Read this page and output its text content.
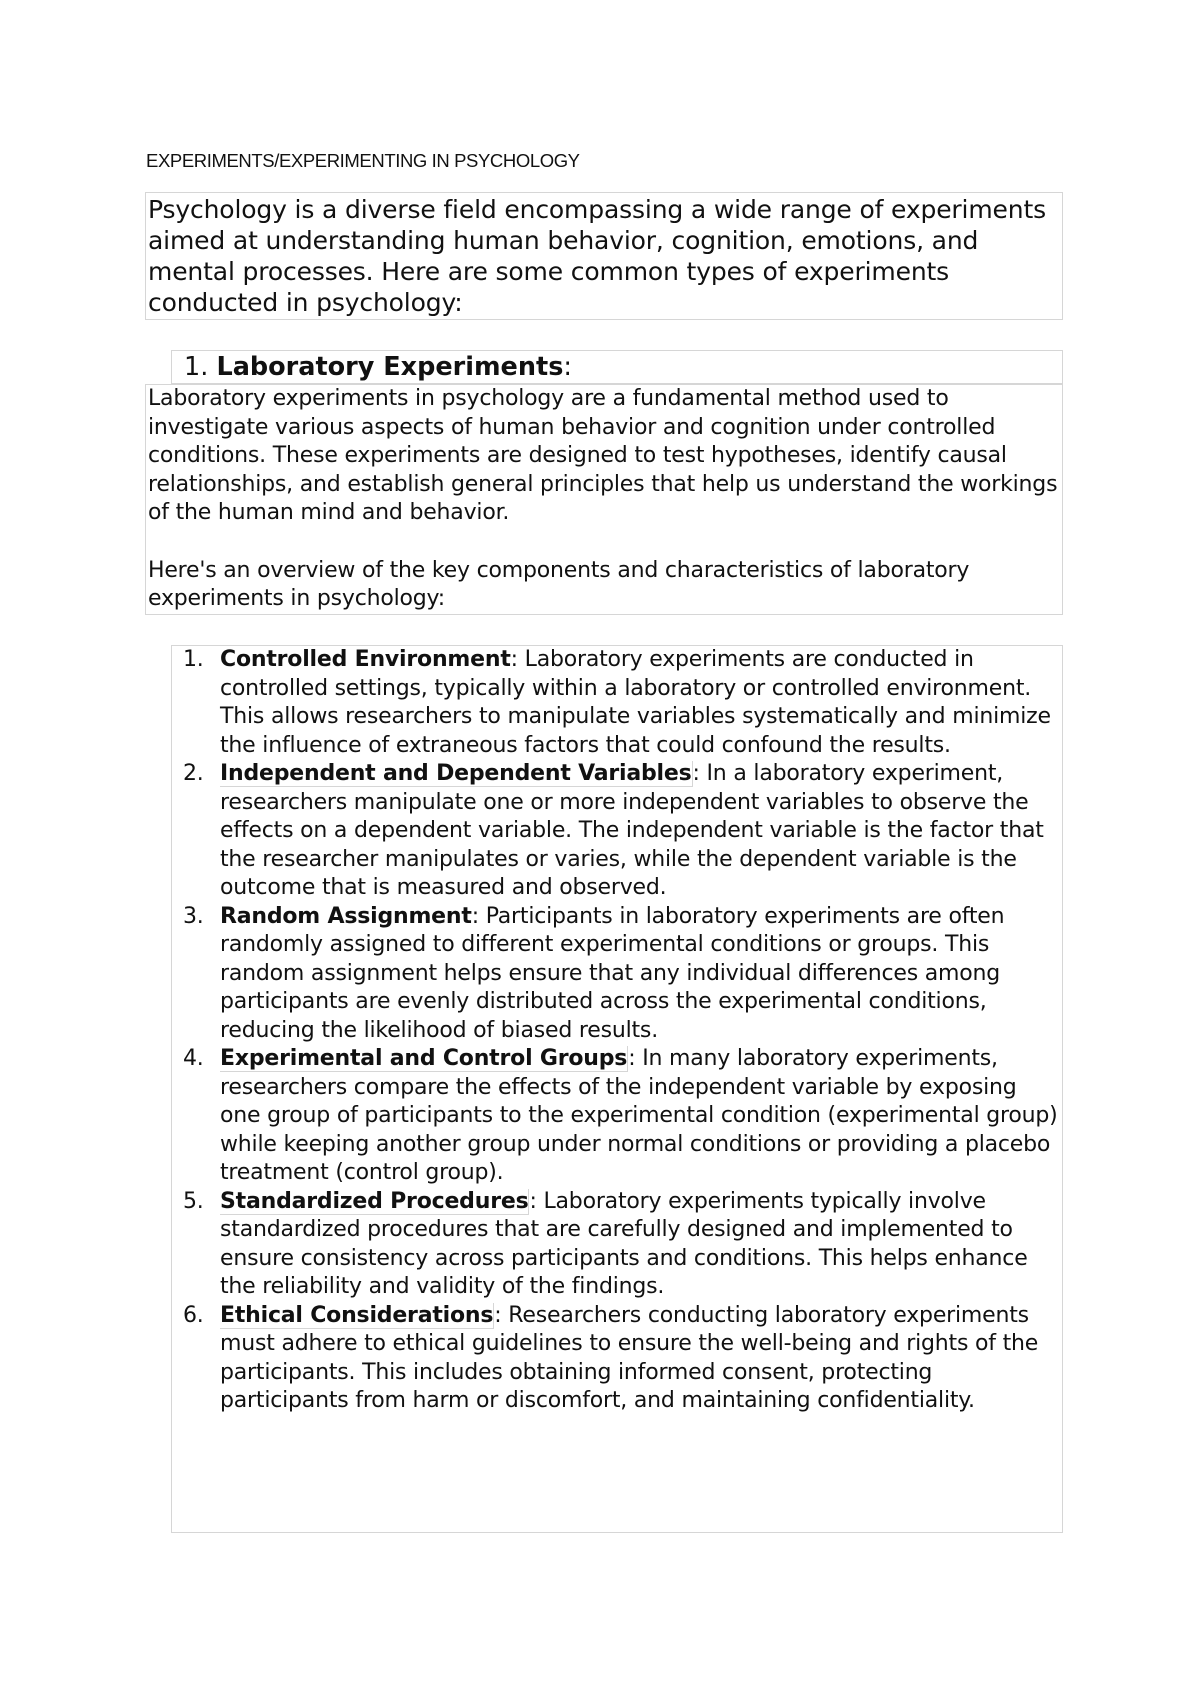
EXPERIMENTS/EXPERIMENTING IN PSYCHOLOGY

Psychology is a diverse field encompassing a wide range of experiments aimed at understanding human behavior, cognition, emotions, and mental processes. Here are some common types of experiments conducted in psychology:

1. Laboratory Experiments:

Laboratory experiments in psychology are a fundamental method used to investigate various aspects of human behavior and cognition under controlled conditions. These experiments are designed to test hypotheses, identify causal relationships, and establish general principles that help us understand the workings of the human mind and behavior.

Here's an overview of the key components and characteristics of laboratory experiments in psychology:

1. Controlled Environment: Laboratory experiments are conducted in controlled settings, typically within a laboratory or controlled environment. This allows researchers to manipulate variables systematically and minimize the influence of extraneous factors that could confound the results.
2. Independent and Dependent Variables: In a laboratory experiment, researchers manipulate one or more independent variables to observe the effects on a dependent variable. The independent variable is the factor that the researcher manipulates or varies, while the dependent variable is the outcome that is measured and observed.
3. Random Assignment: Participants in laboratory experiments are often randomly assigned to different experimental conditions or groups. This random assignment helps ensure that any individual differences among participants are evenly distributed across the experimental conditions, reducing the likelihood of biased results.
4. Experimental and Control Groups: In many laboratory experiments, researchers compare the effects of the independent variable by exposing one group of participants to the experimental condition (experimental group) while keeping another group under normal conditions or providing a placebo treatment (control group).
5. Standardized Procedures: Laboratory experiments typically involve standardized procedures that are carefully designed and implemented to ensure consistency across participants and conditions. This helps enhance the reliability and validity of the findings.
6. Ethical Considerations: Researchers conducting laboratory experiments must adhere to ethical guidelines to ensure the well-being and rights of the participants. This includes obtaining informed consent, protecting participants from harm or discomfort, and maintaining confidentiality.
